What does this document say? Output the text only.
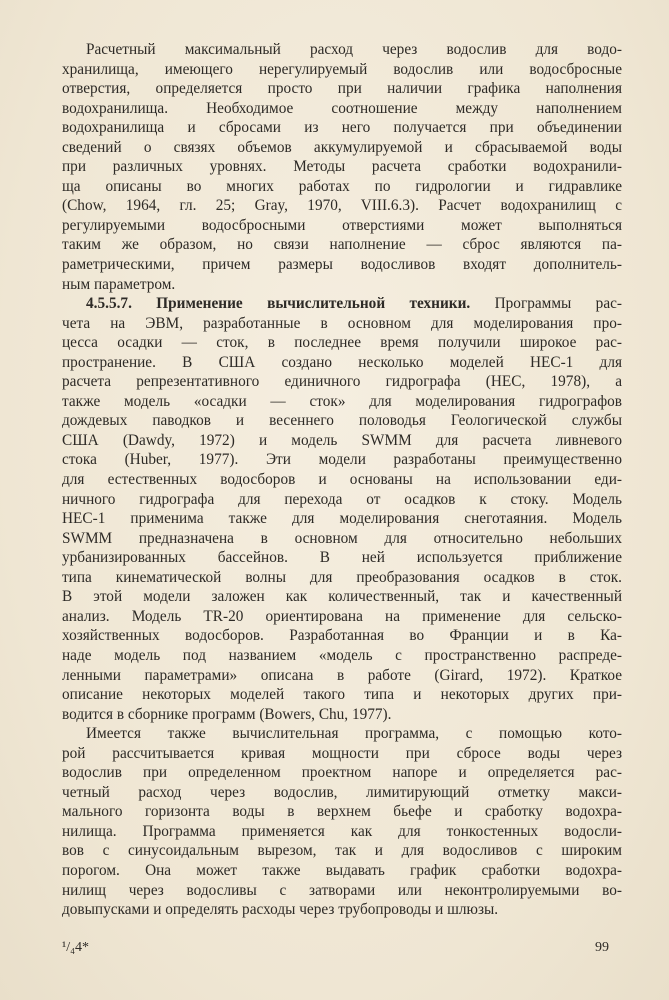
Расчетный максимальный расход через водослив для водо-
хранилища, имеющего нерегулируемый водослив или водосбросные
отверстия, определяется просто при наличии графика наполнения
водохранилища. Необходимое соотношение между наполнением
водохранилища и сбросами из него получается при объединении
сведений о связях объемов аккумулируемой и сбрасываемой воды
при различных уровнях. Методы расчета сработки водохранили-
ща описаны во многих работах по гидрологии и гидравлике
(Chow, 1964, гл. 25; Gray, 1970, VIII.6.3). Расчет водохранилищ с
регулируемыми водосбросными отверстиями может выполняться
таким же образом, но связи наполнение — сброс являются па-
раметрическими, причем размеры водосливов входят дополнитель-
ным параметром.
4.5.5.7. Применение вычислительной техники. Программы рас-
чета на ЭВМ, разработанные в основном для моделирования про-
цесса осадки — сток, в последнее время получили широкое рас-
пространение. В США создано несколько моделей HEC-1 для
расчета репрезентативного единичного гидрографа (HEC, 1978), а
также модель «осадки — сток» для моделирования гидрографов
дождевых паводков и весеннего половодья Геологической службы
США (Dawdy, 1972) и модель SWMM для расчета ливневого
стока (Huber, 1977). Эти модели разработаны преимущественно
для естественных водосборов и основаны на использовании еди-
ничного гидрографа для перехода от осадков к стоку. Модель
HEC-1 применима также для моделирования снеготаяния. Модель
SWMM предназначена в основном для относительно небольших
урбанизированных бассейнов. В ней используется приближение
типа кинематической волны для преобразования осадков в сток.
В этой модели заложен как количественный, так и качественный
анализ. Модель TR-20 ориентирована на применение для сельско-
хозяйственных водосборов. Разработанная во Франции и в Ка-
наде модель под названием «модель с пространственно распреде-
ленными параметрами» описана в работе (Girard, 1972). Краткое
описание некоторых моделей такого типа и некоторых других при-
водится в сборнике программ (Bowers, Chu, 1977).
Имеется также вычислительная программа, с помощью кото-
рой рассчитывается кривая мощности при сбросе воды через
водослив при определенном проектном напоре и определяется рас-
четный расход через водослив, лимитирующий отметку макси-
мального горизонта воды в верхнем бьефе и сработку водохра-
нилища. Программа применяется как для тонкостенных водосли-
вов с синусоидальным вырезом, так и для водосливов с широким
порогом. Она может также выдавать график сработки водохра-
нилищ через водосливы с затворами или неконтролируемыми во-
довыпусками и определять расходы через трубопроводы и шлюзы.
¹/₄4*	99
